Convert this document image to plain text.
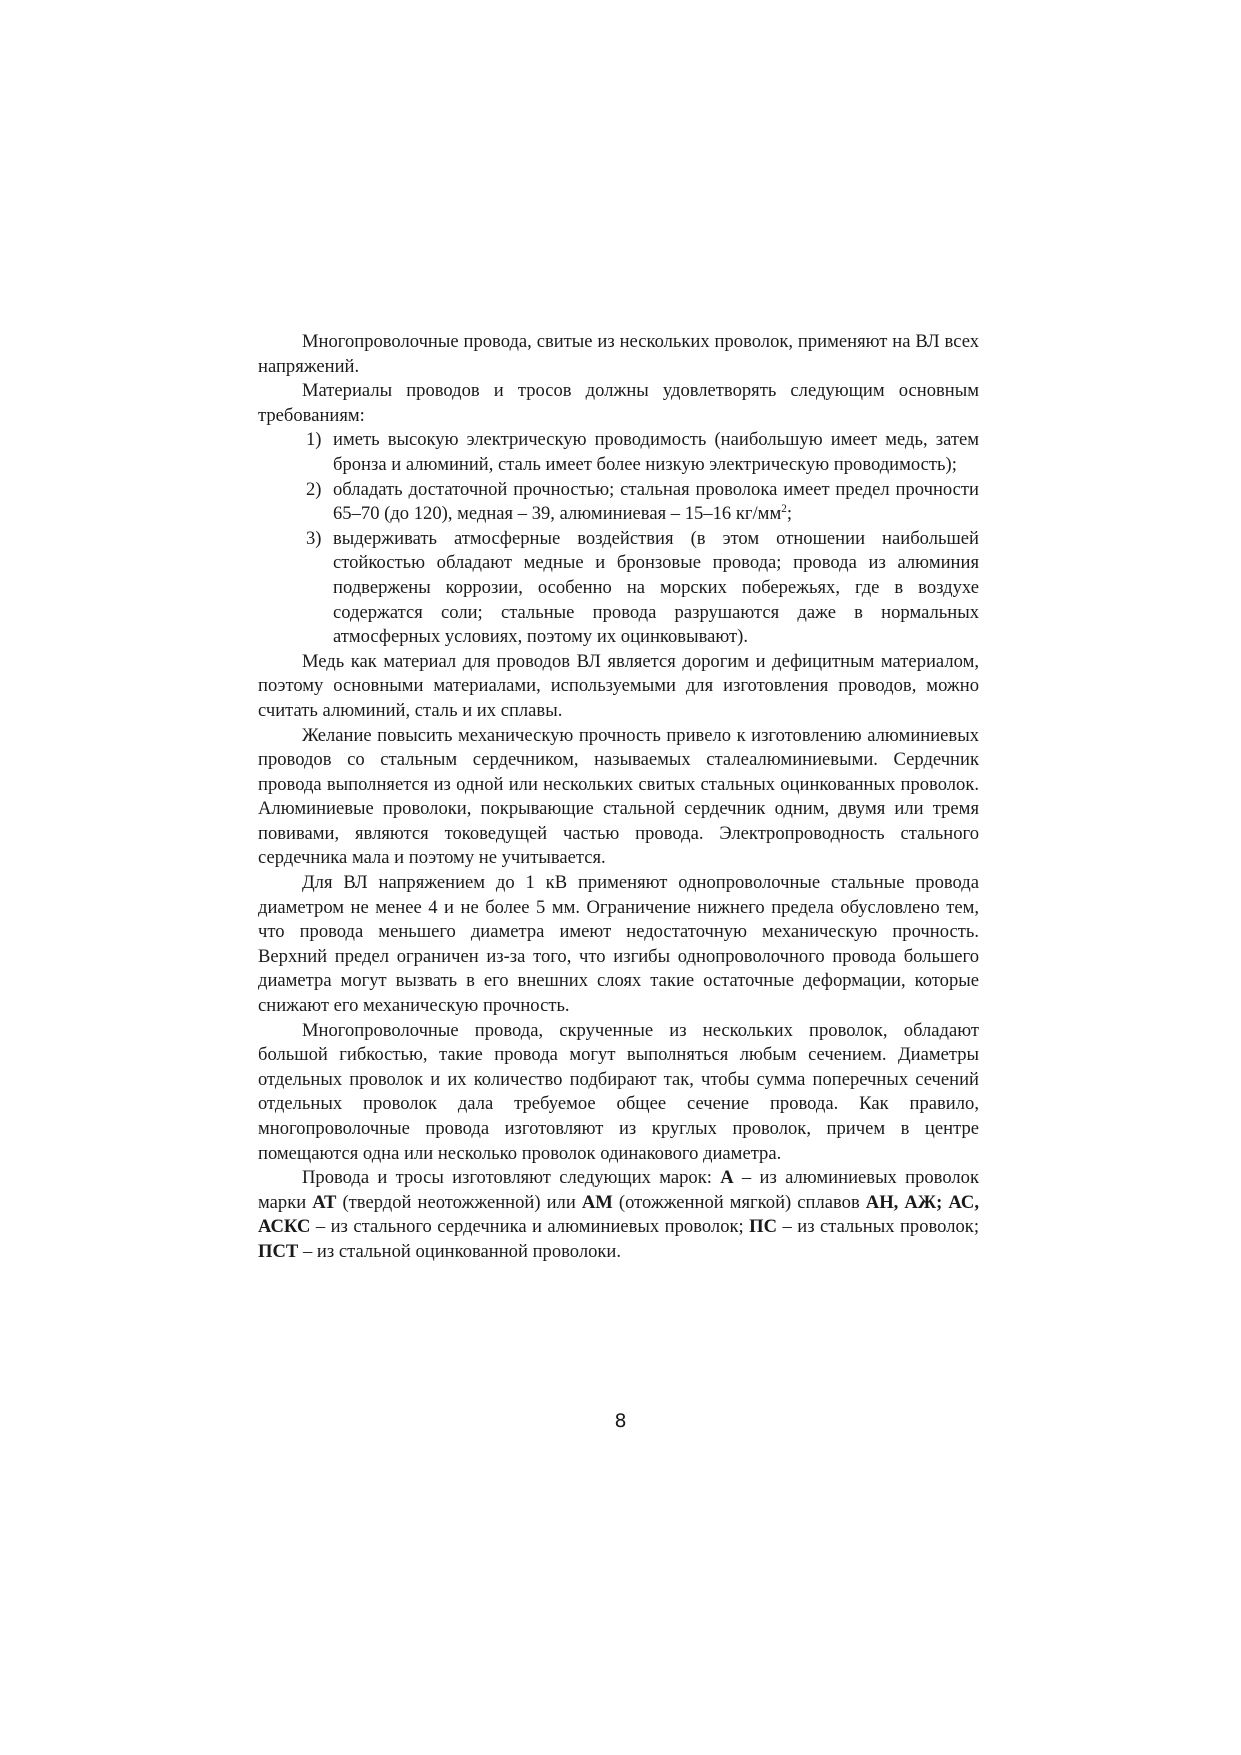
Многопроволочные провода, свитые из нескольких проволок, применяют на ВЛ всех напряжений.

Материалы проводов и тросов должны удовлетворять следующим основным требованиям:

1) иметь высокую электрическую проводимость (наибольшую имеет медь, затем бронза и алюминий, сталь имеет более низкую электрическую проводимость);
2) обладать достаточной прочностью; стальная проволока имеет предел прочности 65–70 (до 120), медная – 39, алюминиевая – 15–16 $кг/мм^2$;
3) выдерживать атмосферные воздействия (в этом отношении наибольшей стойкостью обладают медные и бронзовые провода; провода из алюминия подвержены коррозии, особенно на морских побережьях, где в воздухе содержатся соли; стальные провода разрушаются даже в нормальных атмосферных условиях, поэтому их оцинковывают).

Медь как материал для проводов ВЛ является дорогим и дефицитным материалом, поэтому основными материалами, используемыми для изготовления проводов, можно считать алюминий, сталь и их сплавы.

Желание повысить механическую прочность привело к изготовлению алюминиевых проводов со стальным сердечником, называемых сталеалюминиевыми. Сердечник провода выполняется из одной или нескольких свитых стальных оцинкованных проволок. Алюминиевые проволоки, покрывающие стальной сердечник одним, двумя или тремя повивами, являются токоведущей частью провода. Электропроводность стального сердечника мала и поэтому не учитывается.

Для ВЛ напряжением до 1 кВ применяют однопроволочные стальные провода диаметром не менее 4 и не более 5 мм. Ограничение нижнего предела обусловлено тем, что провода меньшего диаметра имеют недостаточную механическую прочность. Верхний предел ограничен из-за того, что изгибы однопроволочного провода большего диаметра могут вызвать в его внешних слоях такие остаточные деформации, которые снижают его механическую прочность.

Многопроволочные провода, скрученные из нескольких проволок, обладают большой гибкостью, такие провода могут выполняться любым сечением. Диаметры отдельных проволок и их количество подбирают так, чтобы сумма поперечных сечений отдельных проволок дала требуемое общее сечение провода. Как правило, многопроволочные провода изготовляют из круглых проволок, причем в центре помещаются одна или несколько проволок одинакового диаметра.

Провода и тросы изготовляют следующих марок: А – из алюминиевых проволок марки АТ (твердой неотожженной) или АМ (отожженной мягкой) сплавов АН, АЖ; АС, АСКС – из стального сердечника и алюминиевых проволок; ПС – из стальных проволок; ПСТ – из стальной оцинкованной проволоки.

8
